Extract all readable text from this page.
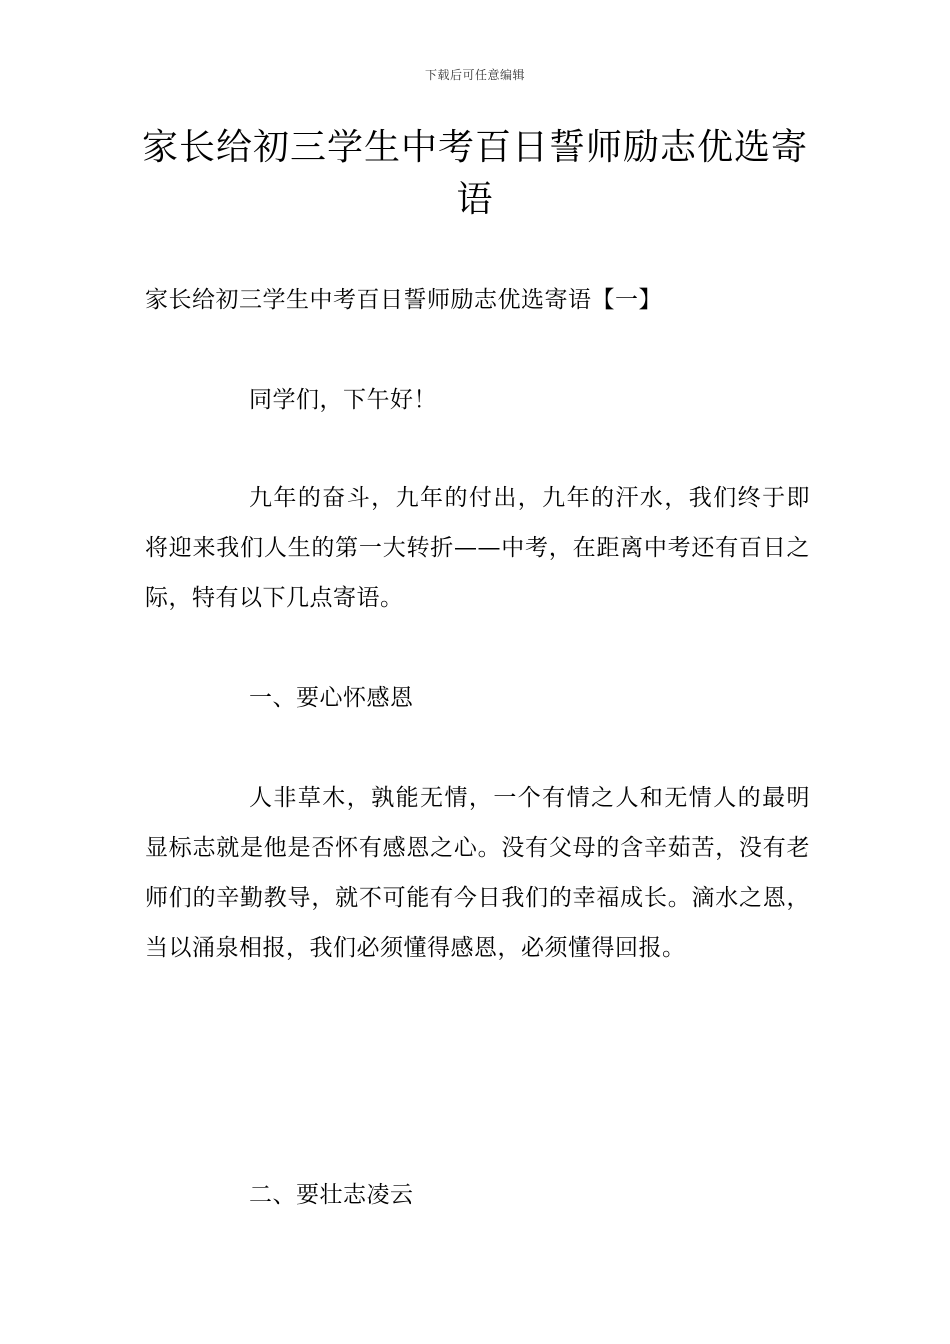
下载后可任意编辑
家长给初三学生中考百日誓师励志优选寄语
家长给初三学生中考百日誓师励志优选寄语【一】
同学们，下午好！
九年的奋斗，九年的付出，九年的汗水，我们终于即将迎来我们人生的第一大转折——中考，在距离中考还有百日之际，特有以下几点寄语。
一、要心怀感恩
人非草木，孰能无情，一个有情之人和无情人的最明显标志就是他是否怀有感恩之心。没有父母的含辛茹苦，没有老师们的辛勤教导，就不可能有今日我们的幸福成长。滴水之恩，当以涌泉相报，我们必须懂得感恩，必须懂得回报。
二、要壮志凌云
